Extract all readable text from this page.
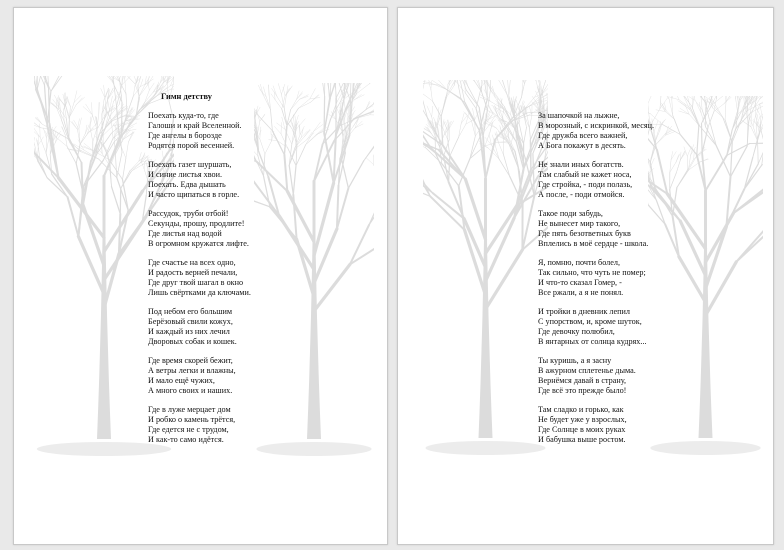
Гимн детству
Поехать куда-то, где
Галоши и край Вселенной.
Где ангелы в борозде
Родятся порой весенней.
Поехать газет шуршать,
И синие листья хвои.
Поехать. Едва дышать
И часто щипаться в горле.
Рассудок, труби отбой!
Секунды, прошу, продлите!
Где листья над водой
В огромном кружатся лифте.
Где счастье на всех одно,
И радость верней печали,
Где друг твой шагал в окно
Лишь свёртками да ключами.
Под небом его большим
Берёзовый свили кожух,
И каждый из них лечил
Дворовых собак и кошек.
Где время скорей бежит,
А ветры легки и влажны,
И мало ещё чужих,
А много своих и наших.
Где в луже мерцает дом
И робко о камень трётся,
Где едется не с трудом,
И как-то само идётся.
За шапочкой на лыжне,
В морозный, с искринкой, месяц.
Где дружба всего важней,
А Бога покажут в десять.
Не знали иных богатств.
Там слабый не кажет носа,
Где стройка, - поди полазь,
А после, - поди отмойся.
Такое поди забудь,
Не вынесет мир такого,
Где пять безответных букв
Вплелись в моё сердце - школа.
Я, помню, почти болел,
Так сильно, что чуть не помер;
И что-то сказал Гомер, -
Все ржали, а я не понял.
И тройки в дневник лепил
С упорством, и, кроме шуток,
Где девочку полюбил,
В янтарных от солнца кудрях...
Ты куришь, а я засну
В ажурном сплетенье дыма.
Вернёмся давай в страну,
Где всё это прежде было!
Там сладко и горько, как
Не будет уже у взрослых,
Где Солнце в моих руках
И бабушка выше ростом.
